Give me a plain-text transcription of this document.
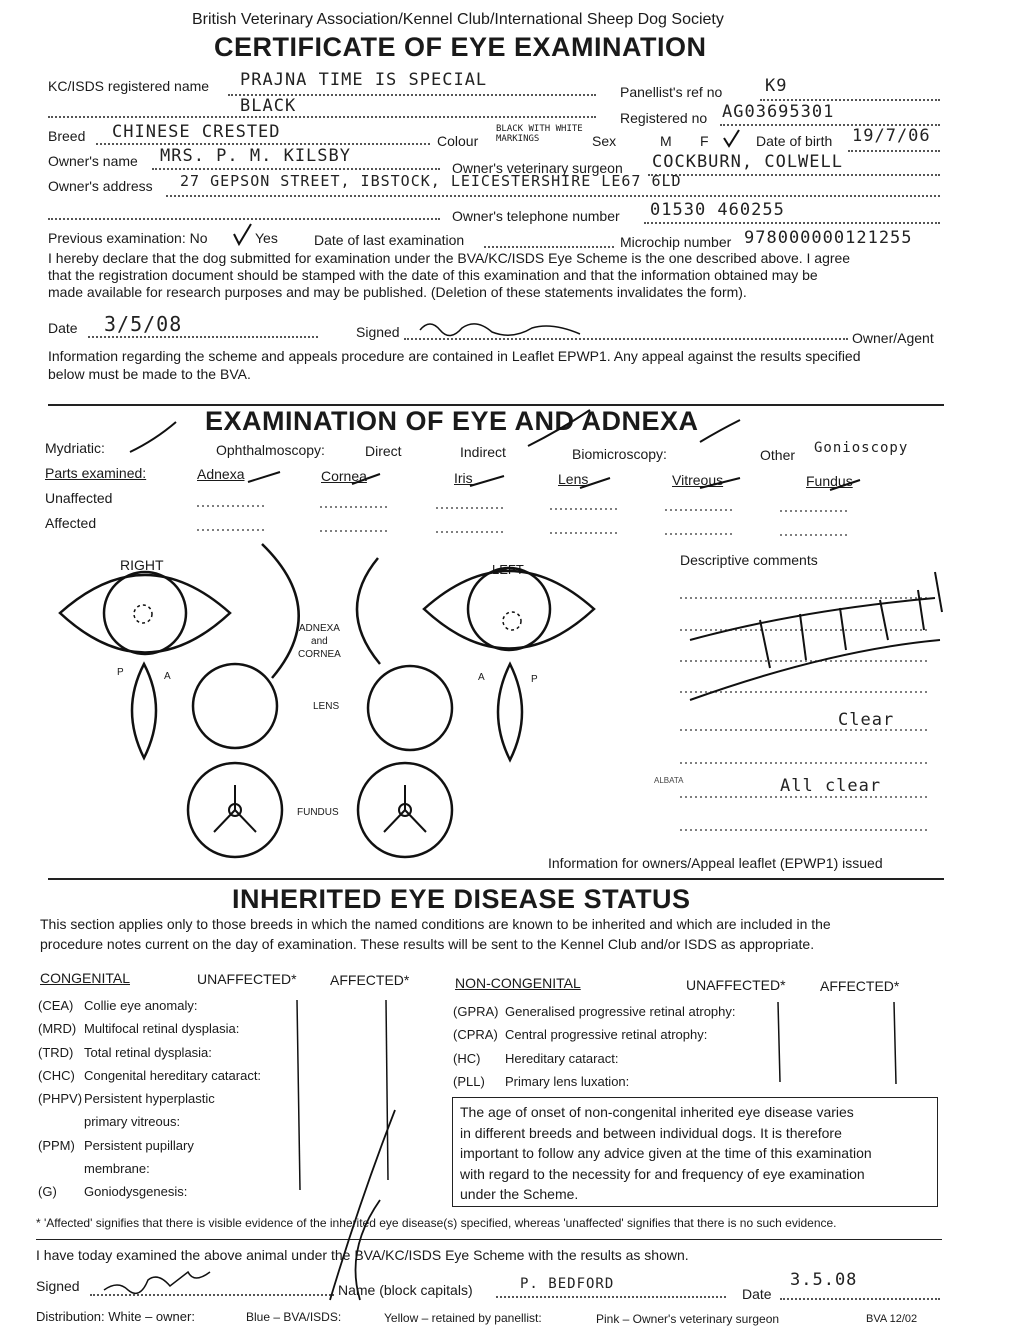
British Veterinary Association/Kennel Club/International Sheep Dog Society
CERTIFICATE OF EYE EXAMINATION
KC/ISDS registered name PRAJNA TIME IS SPECIAL
BLACK
Panellist's ref no	K9
Registered no AG03695301
Breed CHINESE CRESTED	Colour
BLACK WITH WHITE MARKINGS	Sex	M F	Date of birth 19/7/06
Owner's name MRS. P. M. KILSBY
Owner's veterinary surgeon COCKBURN, COLWELL
Owner's address 27 GEPSON STREET, IBSTOCK, LEICESTERSHIRE LE67 6LD
Owner's telephone number 01530 460255
Previous examination: No	Yes	Date of last examination	Microchip number 978000000121255
I hereby declare that the dog submitted for examination under the BVA/KC/ISDS Eye Scheme is the one described above. I agree
that the registration document should be stamped with the date of this examination and that the information obtained may be
made available for research purposes and may be published. (Deletion of these statements invalidates the form).
Date 3/5/08	Signed	Owner/Agent
Information regarding the scheme and appeals procedure are contained in Leaflet EPWP1. Any appeal against the results specified
below must be made to the BVA.
EXAMINATION OF EYE AND ADNEXA
Mydriatic:	Ophthalmoscopy:	Direct	Indirect	Biomicroscopy:	Other Gonioscopy
Parts examined:	Adnexa	Cornea	Iris	Lens	Vitreous	Fundus
Unaffected
Affected
RIGHT	LEFT
ADNEXA
and
CORNEA
LENS
FUNDUS
P	A	A	P
Descriptive comments
Clear
ALBATA	All clear
Information for owners/Appeal leaflet (EPWP1) issued
INHERITED EYE DISEASE STATUS
This section applies only to those breeds in which the named conditions are known to be inherited and which are included in the
procedure notes current on the day of examination. These results will be sent to the Kennel Club and/or ISDS as appropriate.
CONGENITAL	UNAFFECTED* AFFECTED*	NON-CONGENITAL	UNAFFECTED* AFFECTED*
(CEA) Collie eye anomaly:
(MRD) Multifocal retinal dysplasia:
(TRD) Total retinal dysplasia:
(CHC) Congenital hereditary cataract:
(PHPV) Persistent hyperplastic
primary vitreous:
(PPM) Persistent pupillary
membrane:
(G) Goniodysgenesis:
(GPRA) Generalised progressive retinal atrophy:
(CPRA) Central progressive retinal atrophy:
(HC) Hereditary cataract:
(PLL) Primary lens luxation:
The age of onset of non-congenital inherited eye disease varies
in different breeds and between individual dogs. It is therefore
important to follow any advice given at the time of this examination
with regard to the necessity for and frequency of eye examination
under the Scheme.
* 'Affected' signifies that there is visible evidence of the inherited eye disease(s) specified, whereas 'unaffected' signifies that there is no such evidence.
I have today examined the above animal under the BVA/KC/ISDS Eye Scheme with the results as shown.
Signed	Name (block capitals)	P. BEDFORD
Date
3.5.08
Distribution: White – owner:	Blue – BVA/ISDS:	Yellow – retained by panellist:	Pink – Owner's veterinary surgeon	BVA 12/02
